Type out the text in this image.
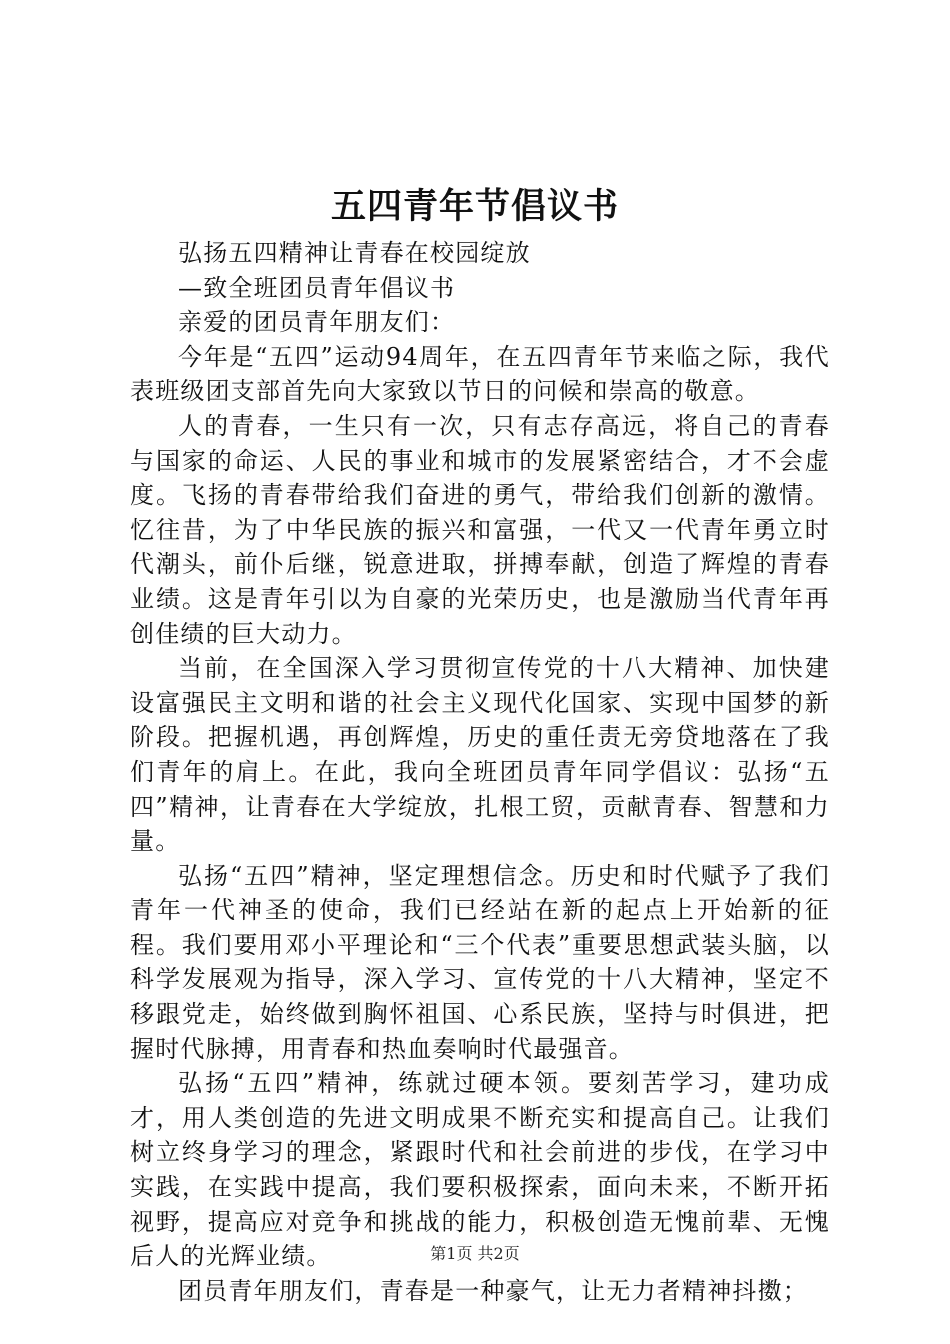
五四青年节倡议书

弘扬五四精神让青春在校园绽放

—致全班团员青年倡议书

亲爱的团员青年朋友们：

今年是“五四”运动94周年，在五四青年节来临之际，我代表班级团支部首先向大家致以节日的问候和崇高的敬意。

人的青春，一生只有一次，只有志存高远，将自己的青春与国家的命运、人民的事业和城市的发展紧密结合，才不会虚度。飞扬的青春带给我们奋进的勇气，带给我们创新的激情。忆往昔，为了中华民族的振兴和富强，一代又一代青年勇立时代潮头，前仆后继，锐意进取，拼搏奉献，创造了辉煌的青春业绩。这是青年引以为自豪的光荣历史，也是激励当代青年再创佳绩的巨大动力。

当前，在全国深入学习贯彻宣传党的十八大精神、加快建设富强民主文明和谐的社会主义现代化国家、实现中国梦的新阶段。把握机遇，再创辉煌，历史的重任责无旁贷地落在了我们青年的肩上。在此，我向全班团员青年同学倡议：弘扬“五四”精神，让青春在大学绽放，扎根工贸，贡献青春、智慧和力量。

弘扬“五四”精神，坚定理想信念。历史和时代赋予了我们青年一代神圣的使命，我们已经站在新的起点上开始新的征程。我们要用邓小平理论和“三个代表”重要思想武装头脑，以科学发展观为指导，深入学习、宣传党的十八大精神，坚定不移跟党走，始终做到胸怀祖国、心系民族，坚持与时俱进，把握时代脉搏，用青春和热血奏响时代最强音。

弘扬“五四”精神，练就过硬本领。要刻苦学习，建功成才，用人类创造的先进文明成果不断充实和提高自己。让我们树立终身学习的理念，紧跟时代和社会前进的步伐，在学习中实践，在实践中提高，我们要积极探索，面向未来，不断开拓视野，提高应对竞争和挑战的能力，积极创造无愧前辈、无愧后人的光辉业绩。

团员青年朋友们，青春是一种豪气，让无力者精神抖擞；

第1页 共2页
